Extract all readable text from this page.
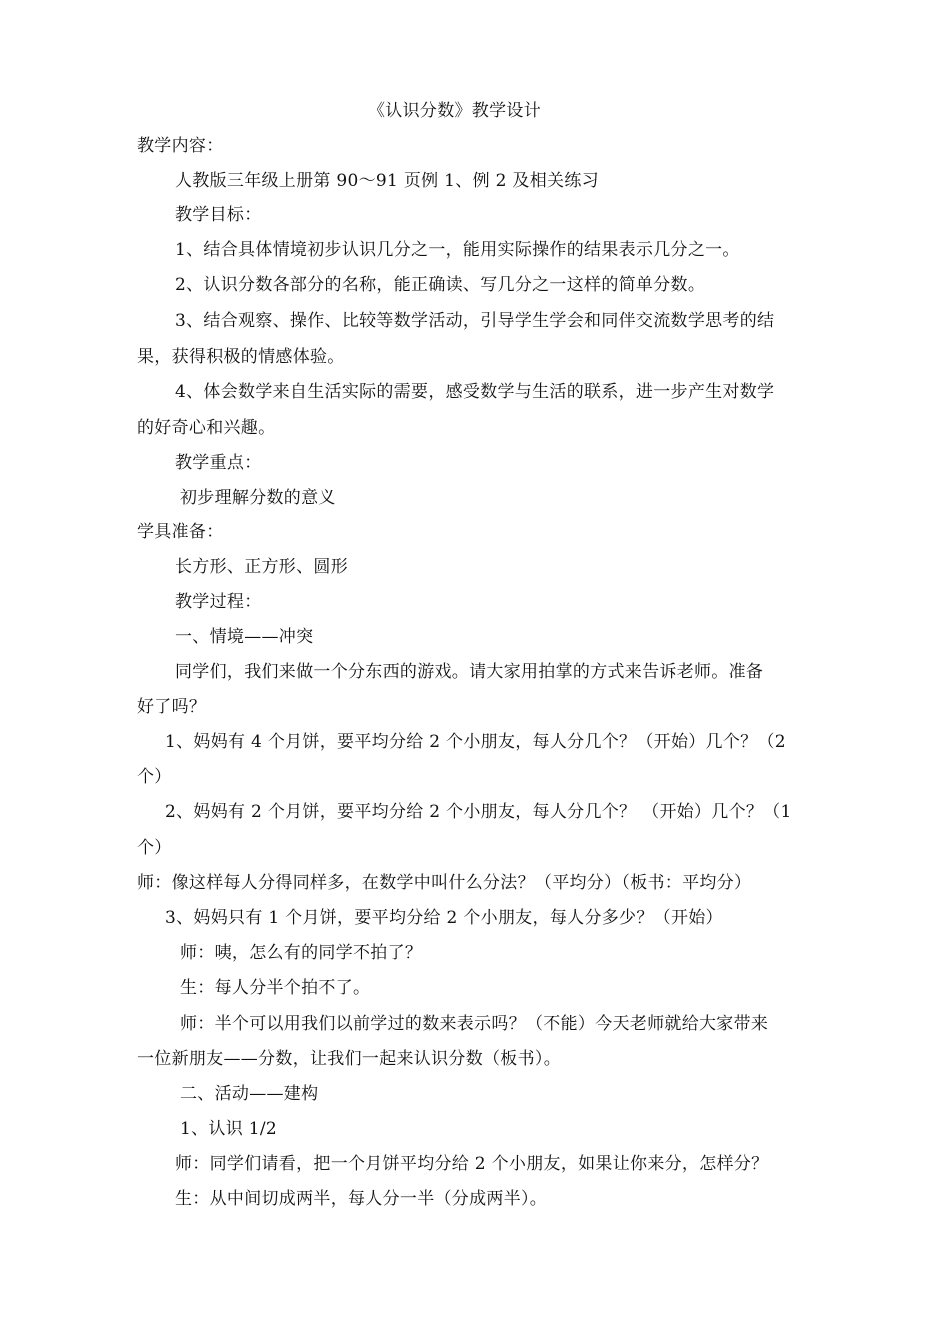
《认识分数》教学设计
教学内容：
人教版三年级上册第 90～91 页例 1、例 2 及相关练习
教学目标：
1、结合具体情境初步认识几分之一，能用实际操作的结果表示几分之一。
2、认识分数各部分的名称，能正确读、写几分之一这样的简单分数。
3、结合观察、操作、比较等数学活动，引导学生学会和同伴交流数学思考的结
果，获得积极的情感体验。
4、体会数学来自生活实际的需要，感受数学与生活的联系，进一步产生对数学
的好奇心和兴趣。
教学重点：
初步理解分数的意义
学具准备：
长方形、正方形、圆形
教学过程：
一、情境——冲突
同学们，我们来做一个分东西的游戏。请大家用拍掌的方式来告诉老师。准备
好了吗？
1、妈妈有 4 个月饼，要平均分给 2 个小朋友，每人分几个？（开始）几个？（2
个）
2、妈妈有 2 个月饼，要平均分给 2 个小朋友，每人分几个？ （开始）几个？（1
个）
师：像这样每人分得同样多，在数学中叫什么分法？（平均分）（板书：平均分）
3、妈妈只有 1 个月饼，要平均分给 2 个小朋友，每人分多少？（开始）
师：咦，怎么有的同学不拍了？
生：每人分半个拍不了。
师：半个可以用我们以前学过的数来表示吗？（不能）今天老师就给大家带来
一位新朋友——分数，让我们一起来认识分数（板书）。
二、活动——建构
1、认识 1/2
师：同学们请看，把一个月饼平均分给 2 个小朋友，如果让你来分，怎样分？
生：从中间切成两半，每人分一半（分成两半）。
